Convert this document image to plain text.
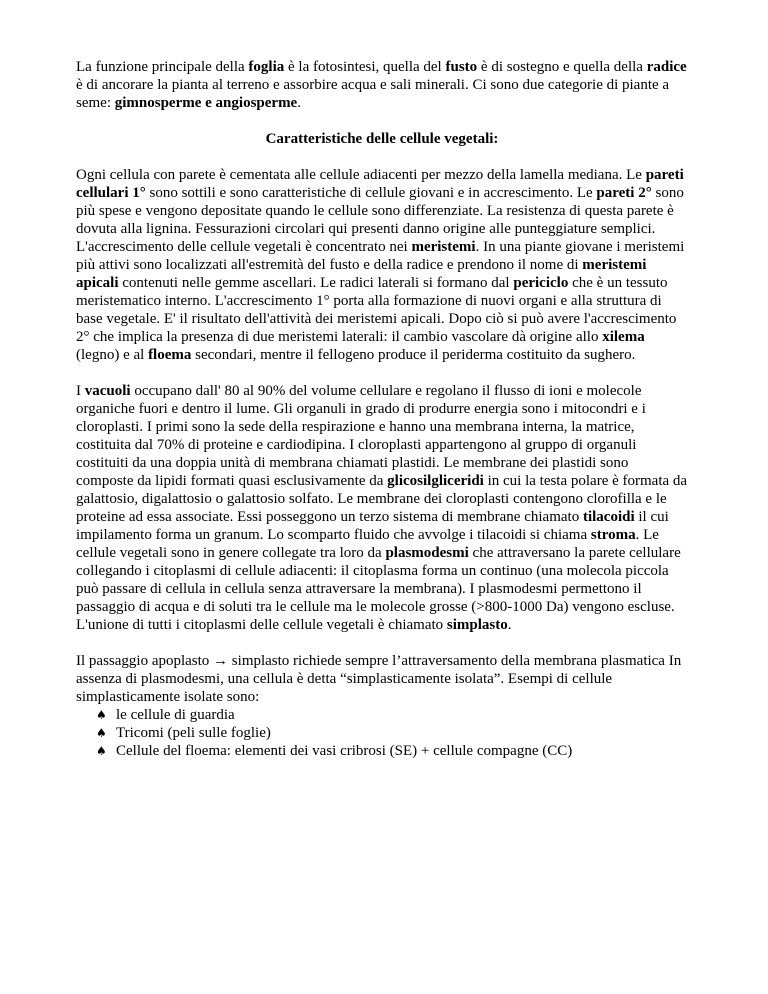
La funzione principale della foglia è la fotosintesi, quella del fusto è di sostegno e quella della radice è di ancorare la pianta al terreno e assorbire acqua e sali minerali. Ci sono due categorie di piante a seme: gimnosperme e angiosperme.

Caratteristiche delle cellule vegetali:

Ogni cellula con parete è cementata alle cellule adiacenti per mezzo della lamella mediana. Le pareti cellulari 1° sono sottili e sono caratteristiche di cellule giovani e in accrescimento. Le pareti 2° sono più spese e vengono depositate quando le cellule sono differenziate. La resistenza di questa parete è dovuta alla lignina. Fessurazioni circolari qui presenti danno origine alle punteggiature semplici. L'accrescimento delle cellule vegetali è concentrato nei meristemi. In una piante giovane i meristemi più attivi sono localizzati all'estremità del fusto e della radice e prendono il nome di meristemi apicali contenuti nelle gemme ascellari. Le radici laterali si formano dal periciclo che è un tessuto meristematico interno. L'accrescimento 1° porta alla formazione di nuovi organi e alla struttura di base vegetale. E' il risultato dell'attività dei meristemi apicali. Dopo ciò si può avere l'accrescimento 2° che implica la presenza di due meristemi laterali: il cambio vascolare dà origine allo xilema (legno) e al floema secondari, mentre il fellogeno produce il periderma costituito da sughero.

I vacuoli occupano dall' 80 al 90% del volume cellulare e regolano il flusso di ioni e molecole organiche fuori e dentro il lume. Gli organuli in grado di produrre energia sono i mitocondri e i cloroplasti. I primi sono la sede della respirazione e hanno una membrana interna, la matrice, costituita dal 70% di proteine e cardiodipina. I cloroplasti appartengono al gruppo di organuli costituiti da una doppia unità di membrana chiamati plastidi. Le membrane dei plastidi sono composte da lipidi formati quasi esclusivamente da glicosilgliceridi in cui la testa polare è formata da galattosio, digalattosio o galattosio solfato. Le membrane dei cloroplasti contengono clorofilla e le proteine ad essa associate. Essi posseggono un terzo sistema di membrane chiamato tilacoidi il cui impilamento forma un granum. Lo scomparto fluido che avvolge i tilacoidi si chiama stroma. Le cellule vegetali sono in genere collegate tra loro da plasmodesmi che attraversano la parete cellulare collegando i citoplasmi di cellule adiacenti: il citoplasma forma un continuo (una molecola piccola può passare di cellula in cellula senza attraversare la membrana). I plasmodesmi permettono il passaggio di acqua e di soluti tra le cellule ma le molecole grosse (>800-1000 Da) vengono escluse. L'unione di tutti i citoplasmi delle cellule vegetali è chiamato simplasto.

Il passaggio apoplasto → simplasto richiede sempre l’attraversamento della membrana plasmatica In assenza di plasmodesmi, una cellula è detta “simplasticamente isolata”. Esempi di cellule simplasticamente isolate sono:

♠ le cellule di guardia
♠ Tricomi (peli sulle foglie)
♠ Cellule del floema: elementi dei vasi cribrosi (SE) + cellule compagne (CC)
